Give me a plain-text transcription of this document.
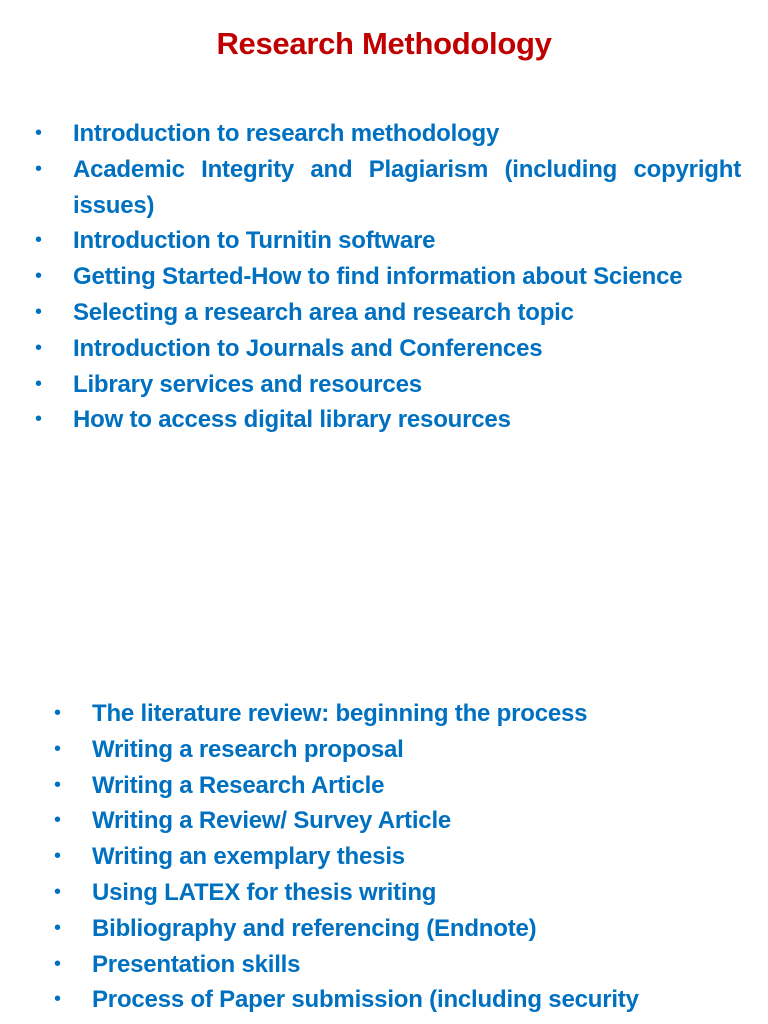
Research Methodology
• Introduction to research methodology
• Academic Integrity and Plagiarism (including copyright issues)
• Introduction to Turnitin software
• Getting Started-How to find information about Science
• Selecting a research area and research topic
• Introduction to Journals and Conferences
• Library services and resources
• How to access digital library resources
• The literature review: beginning the process
• Writing a research proposal
• Writing a Research Article
• Writing a Review/ Survey Article
• Writing an exemplary thesis
• Using LATEX for thesis writing
• Bibliography and referencing (Endnote)
• Presentation skills
• Process of Paper submission (including security
